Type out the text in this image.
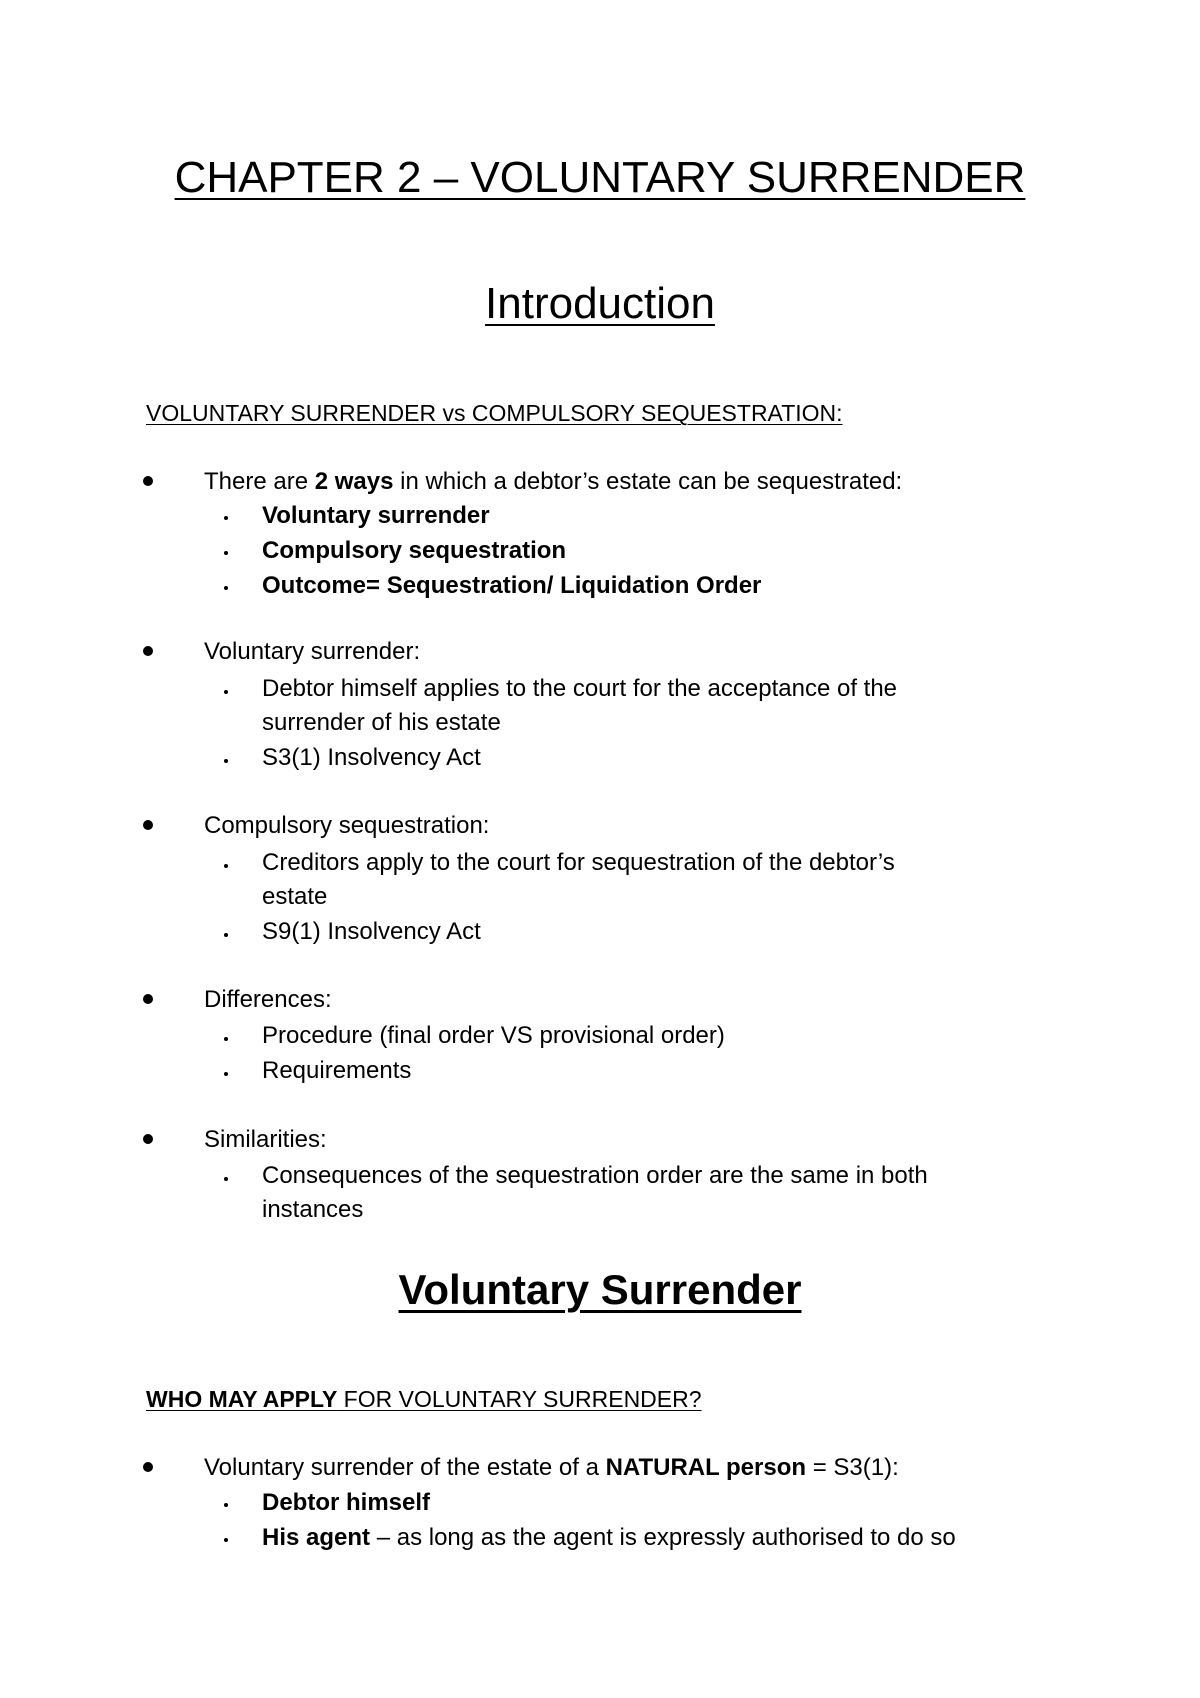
CHAPTER 2 – VOLUNTARY SURRENDER
Introduction
VOLUNTARY SURRENDER vs COMPULSORY SEQUESTRATION:
There are 2 ways in which a debtor’s estate can be sequestrated:
Voluntary surrender
Compulsory sequestration
Outcome= Sequestration/ Liquidation Order
Voluntary surrender:
Debtor himself applies to the court for the acceptance of the
surrender of his estate
S3(1) Insolvency Act
Compulsory sequestration:
Creditors apply to the court for sequestration of the debtor’s
estate
S9(1) Insolvency Act
Differences:
Procedure (final order VS provisional order)
Requirements
Similarities:
Consequences of the sequestration order are the same in both
instances
Voluntary Surrender
WHO MAY APPLY FOR VOLUNTARY SURRENDER?
Voluntary surrender of the estate of a NATURAL person = S3(1):
Debtor himself
His agent – as long as the agent is expressly authorised to do so
